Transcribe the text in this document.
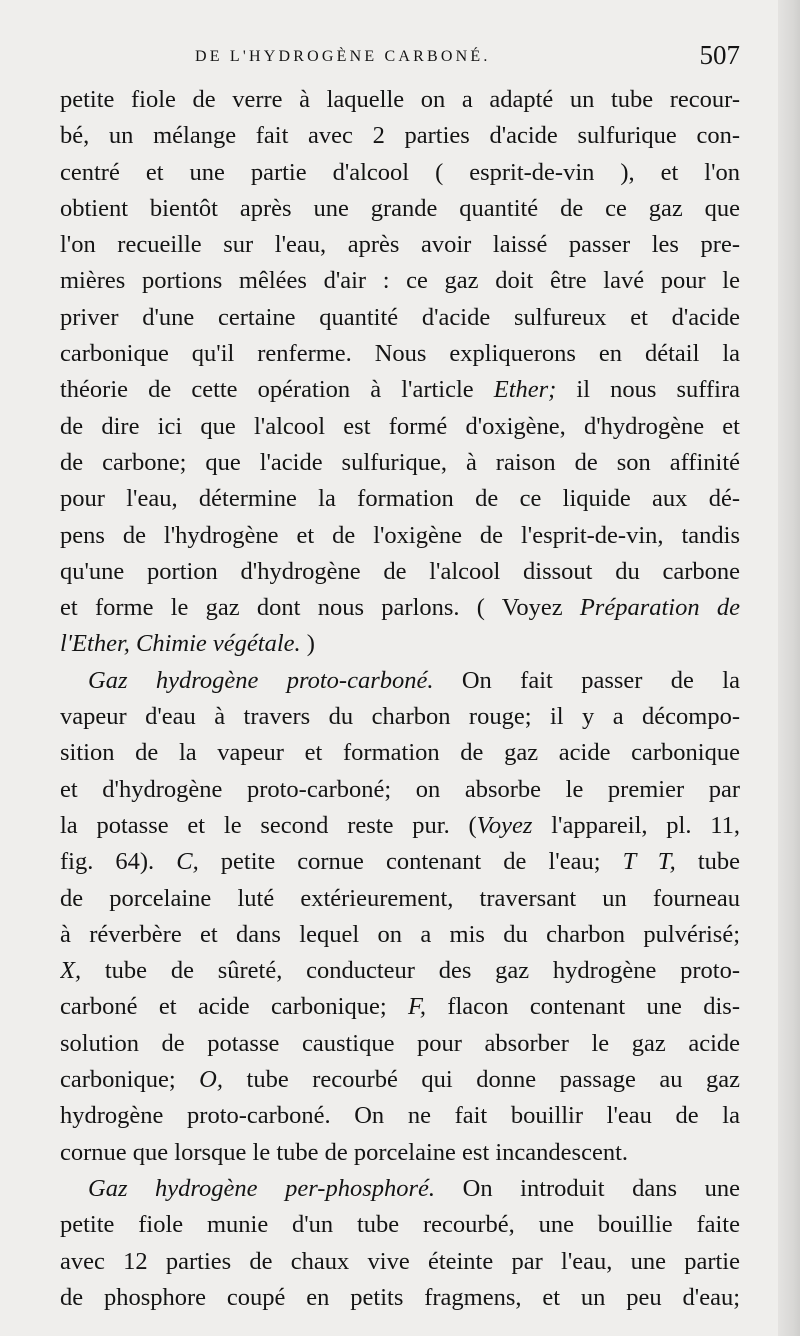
DE L'HYDROGÈNE CARBONÉ.	507
petite fiole de verre à laquelle on a adapté un tube recour-
bé, un mélange fait avec 2 parties d'acide sulfurique con-
centré et une partie d'alcool ( esprit-de-vin ), et l'on
obtient bientôt après une grande quantité de ce gaz que
l'on recueille sur l'eau, après avoir laissé passer les pre-
mières portions mêlées d'air : ce gaz doit être lavé pour le
priver d'une certaine quantité d'acide sulfureux et d'acide
carbonique qu'il renferme. Nous expliquerons en détail la
théorie de cette opération à l'article Ether; il nous suffira
de dire ici que l'alcool est formé d'oxigène, d'hydrogène et
de carbone; que l'acide sulfurique, à raison de son affinité
pour l'eau, détermine la formation de ce liquide aux dé-
pens de l'hydrogène et de l'oxigène de l'esprit-de-vin, tandis
qu'une portion d'hydrogène de l'alcool dissout du carbone
et forme le gaz dont nous parlons. ( Voyez Préparation de
l'Ether, Chimie végétale. )
Gaz hydrogène proto-carboné. On fait passer de la
vapeur d'eau à travers du charbon rouge; il y a décompo-
sition de la vapeur et formation de gaz acide carbonique
et d'hydrogène proto-carboné; on absorbe le premier par
la potasse et le second reste pur. (Voyez l'appareil, pl. 11,
fig. 64). C, petite cornue contenant de l'eau; T T, tube
de porcelaine luté extérieurement, traversant un fourneau
à réverbère et dans lequel on a mis du charbon pulvérisé;
X, tube de sûreté, conducteur des gaz hydrogène proto-
carboné et acide carbonique; F, flacon contenant une dis-
solution de potasse caustique pour absorber le gaz acide
carbonique; O, tube recourbé qui donne passage au gaz
hydrogène proto-carboné. On ne fait bouillir l'eau de la
cornue que lorsque le tube de porcelaine est incandescent.
Gaz hydrogène per-phosphoré. On introduit dans une
petite fiole munie d'un tube recourbé, une bouillie faite
avec 12 parties de chaux vive éteinte par l'eau, une partie
de phosphore coupé en petits fragmens, et un peu d'eau;
